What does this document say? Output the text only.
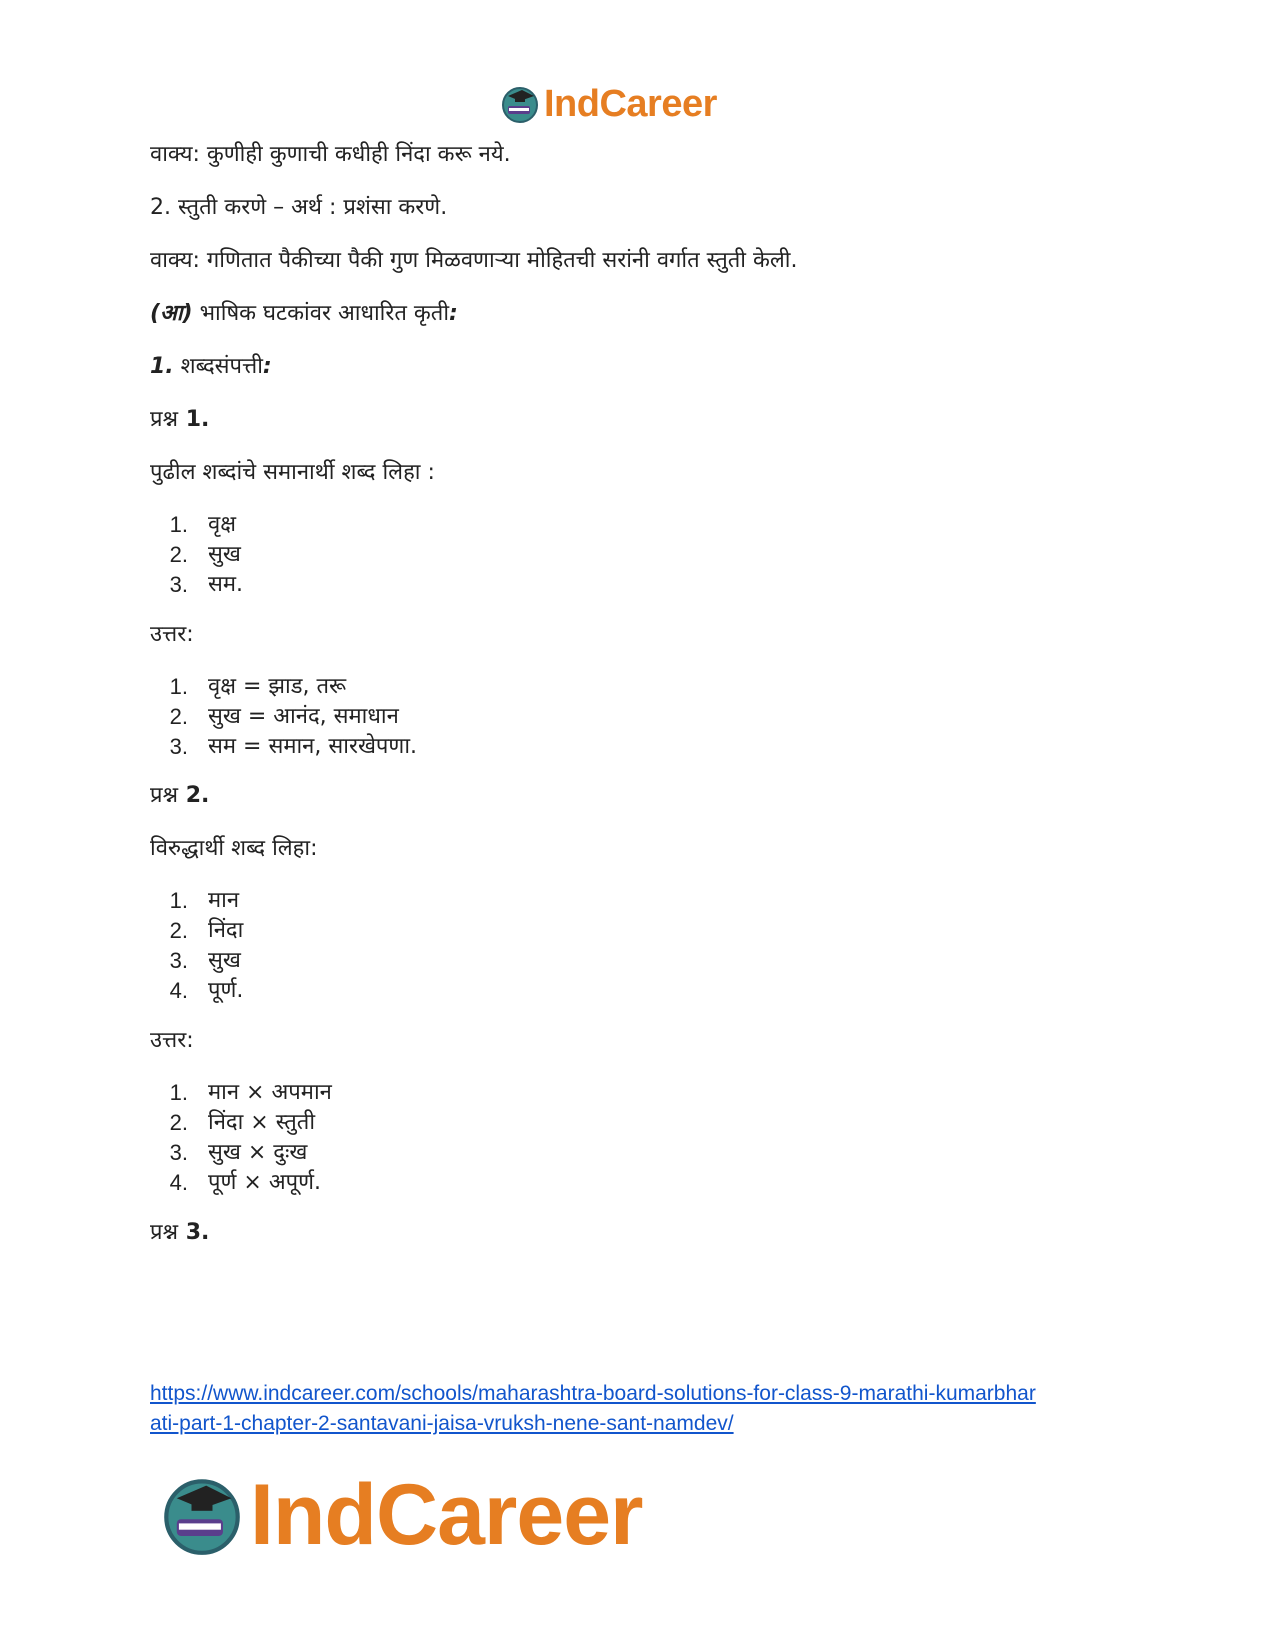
IndCareer
वाक्य: कुणीही कुणाची कधीही निंदा करू नये.
2. स्तुती करणे – अर्थ : प्रशंसा करणे.
वाक्य: गणितात पैकीच्या पैकी गुण मिळवणाऱ्या मोहितची सरांनी वर्गात स्तुती केली.
(आ) भाषिक घटकांवर आधारित कृती:
1. शब्दसंपत्ती:
प्रश्न 1.
पुढील शब्दांचे समानार्थी शब्द लिहा :
1. वृक्ष
2. सुख
3. सम.
उत्तर:
1. वृक्ष = झाड, तरू
2. सुख = आनंद, समाधान
3. सम = समान, सारखेपणा.
प्रश्न 2.
विरुद्धार्थी शब्द लिहा:
1. मान
2. निंदा
3. सुख
4. पूर्ण.
उत्तर:
1. मान × अपमान
2. निंदा × स्तुती
3. सुख × दुःख
4. पूर्ण × अपूर्ण.
प्रश्न 3.
https://www.indcareer.com/schools/maharashtra-board-solutions-for-class-9-marathi-kumarbhar
ati-part-1-chapter-2-santavani-jaisa-vruksh-nene-sant-namdev/
IndCareer
